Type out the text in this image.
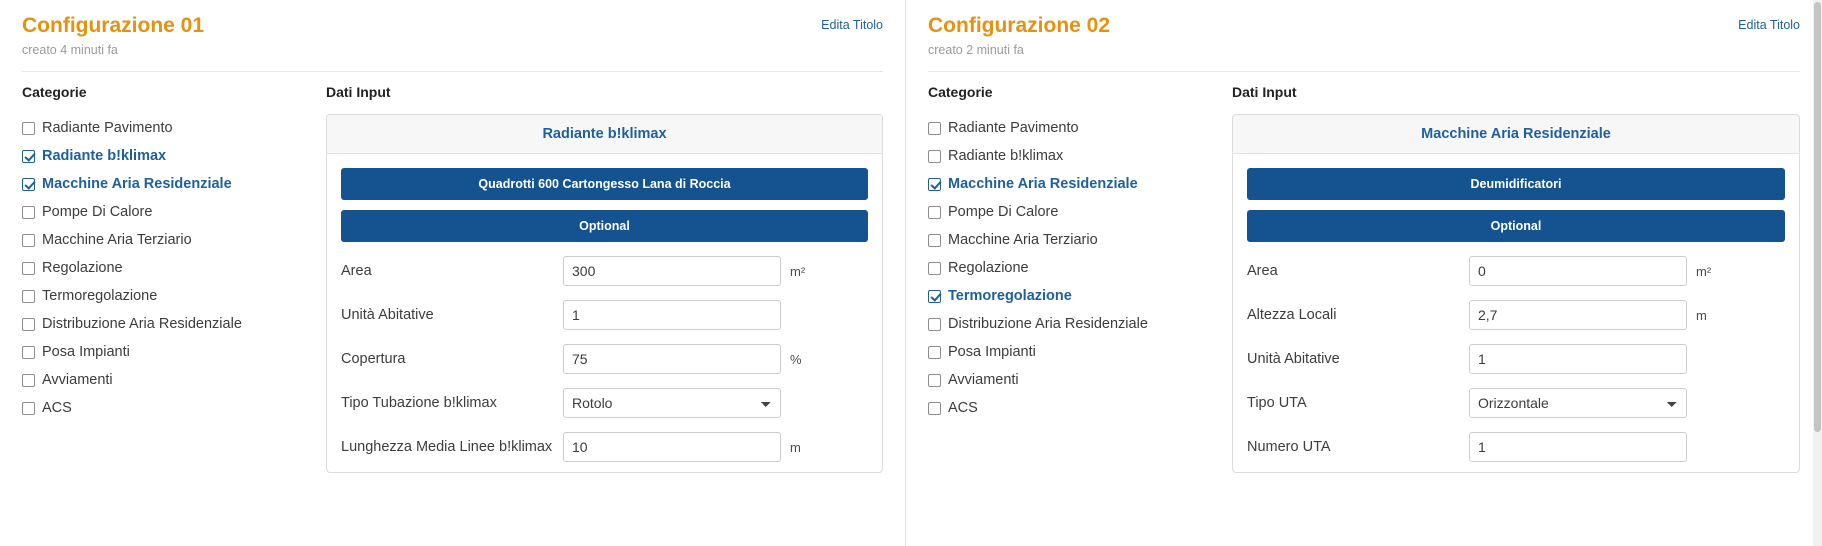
Configurazione 01
creato 4 minuti fa
Edita Titolo
Categorie
Radiante Pavimento
Radiante b!klimax
Macchine Aria Residenziale
Pompe Di Calore
Macchine Aria Terziario
Regolazione
Termoregolazione
Distribuzione Aria Residenziale
Posa Impianti
Avviamenti
ACS
Dati Input
Radiante b!klimax
Quadrotti 600 Cartongesso Lana di Roccia
Optional
Area
300	m²
Unità Abitative
1
Copertura
75	%
Tipo Tubazione b!klimax
Rotolo
Lunghezza Media Linee b!klimax
10	m
Configurazione 02
creato 2 minuti fa
Edita Titolo
Categorie
Radiante Pavimento
Radiante b!klimax
Macchine Aria Residenziale
Pompe Di Calore
Macchine Aria Terziario
Regolazione
Termoregolazione
Distribuzione Aria Residenziale
Posa Impianti
Avviamenti
ACS
Dati Input
Macchine Aria Residenziale
Deumidificatori
Optional
Area
0	m²
Altezza Locali
2,7	m
Unità Abitative
1
Tipo UTA
Orizzontale
Numero UTA
1
